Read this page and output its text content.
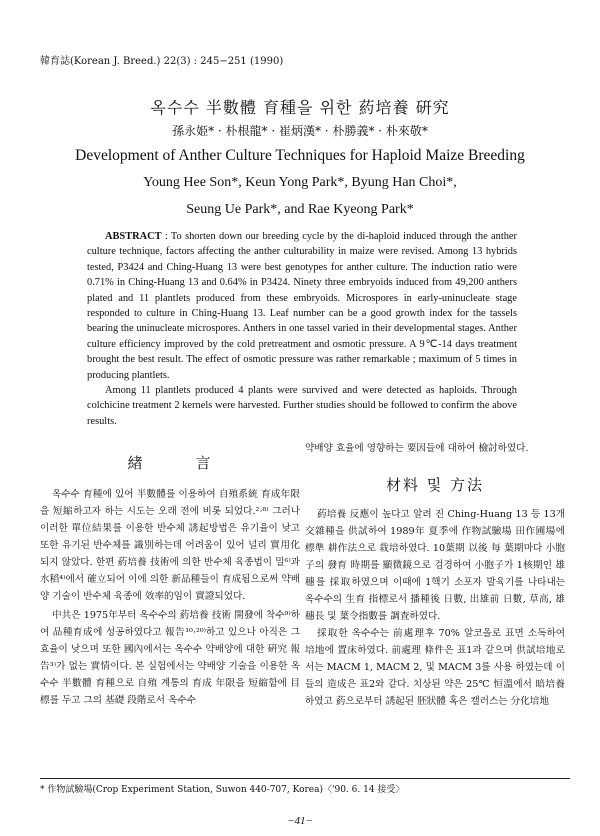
韓育誌(Korean J. Breed.) 22(3) : 245−251 (1990)
옥수수 半數體 育種을 위한 葯培養 硏究
孫永姫* · 朴根龍* · 崔炳漢* · 朴勝義* · 朴來敬*
Development of Anther Culture Techniques for Haploid Maize Breeding
Young Hee Son*, Keun Yong Park*, Byung Han Choi*,
Seung Ue Park*, and Rae Kyeong Park*

ABSTRACT : To shorten down our breeding cycle by the di-haploid induced through the anther culture technique, factors affecting the anther culturability in maize were revised. Among 13 hybrids tested, P3424 and Ching-Huang 13 were best genotypes for anther culture. The induction ratio were 0.71% in Ching-Huang 13 and 0.64% in P3424. Ninety three embryoids induced from 49,200 anthers plated and 11 plantlets produced from these embryoids. Microspores in early-uninucleate stage responded to culture in Ching-Huang 13. Leaf number can be a good growth index for the tassels bearing the uninucleate microspores. Anthers in one tassel varied in their developmental stages. Anther culture efficiency improved by the cold pretreatment and osmotic pressure. A 9℃-14 days treatment brought the best result. The effect of osmotic pressure was rather remarkable ; maximum of 5 times in producing plantlets.

Among 11 plantlets produced 4 plants were survived and were detected as haploids. Through colchicine treatment 2 kernels were harvested. Further studies should be followed to confirm the above results.

緖　　　言

옥수수 育種에 있어 半數體를 이용하여 自殖系統 育成年限을 短縮하고자 하는 시도는 오래 전에 비롯 되었다.²·⁸⁾ 그러나 이러한 單位結果를 이용한 반수체 誘起방법은 유기율이 낮고 또한 유기된 반수체를 識別하는데 어려움이 있어 널리 實用化 되지 않았다. 한편 葯培養 技術에 의한 반수체 육종법이 밀⁶⁾과 水稻⁴⁾에서 確立되어 이에 의한 新品種들이 育成됨으로써 약배양 기술이 반수체 육종에 效率的임이 實證되었다.

中共은 1975年부터 옥수수의 葯培養 技術 開發에 착수⁹⁾하여 品種育成에 성공하였다고 報告¹⁰·²⁰⁾하고 있으나 아직은 그 효율이 낮으며 또한 國內에서는 옥수수 약배양에 대한 硏究 報告³⁾가 없는 實情이다. 본 실험에서는 약배양 기술을 이용한 옥수수 半數體 育種으로 自殖 계통의 育成 年限을 短縮함에 目標를 두고 그의 基礎 段階로서 옥수수

약배양 효율에 영향하는 要因들에 대하여 檢討하였다.

材料 및 方法

葯培養 反應이 높다고 알려 진 Ching-Huang 13 등 13개 交雜種을 供試하여 1989年 夏季에 作物試驗場 田作圃場에 標準 耕作法으로 栽培하였다. 10葉期 以後 每 葉期마다 小胞子의 發育 時期를 顯微鏡으로 검경하여 小胞子가 1核期인 雄穗를 採取하였으며 이때에 1핵기 소포자 발육기를 나타내는 옥수수의 生育 指標로서 播種後 日數, 出雄前 日數, 草高, 雄穗長 및 葉令指數를 調査하였다.

採取한 옥수수는 前處理후 70% 알코올로 표면 소독하여 培地에 置床하였다. 前處理 條件은 표1과 같으며 供試培地로서는 MACM 1, MACM 2, 및 MACM 3를 사용 하였는데 이들의 造成은 표2와 같다. 치상된 약은 25℃ 恒溫에서 暗培養하였고 葯으로부터 誘起된 胚狀體 혹은 캘러스는 分化培地

* 作物試驗場(Crop Experiment Station, Suwon 440-707, Korea)〈'90. 6. 14 接受〉
−41−
